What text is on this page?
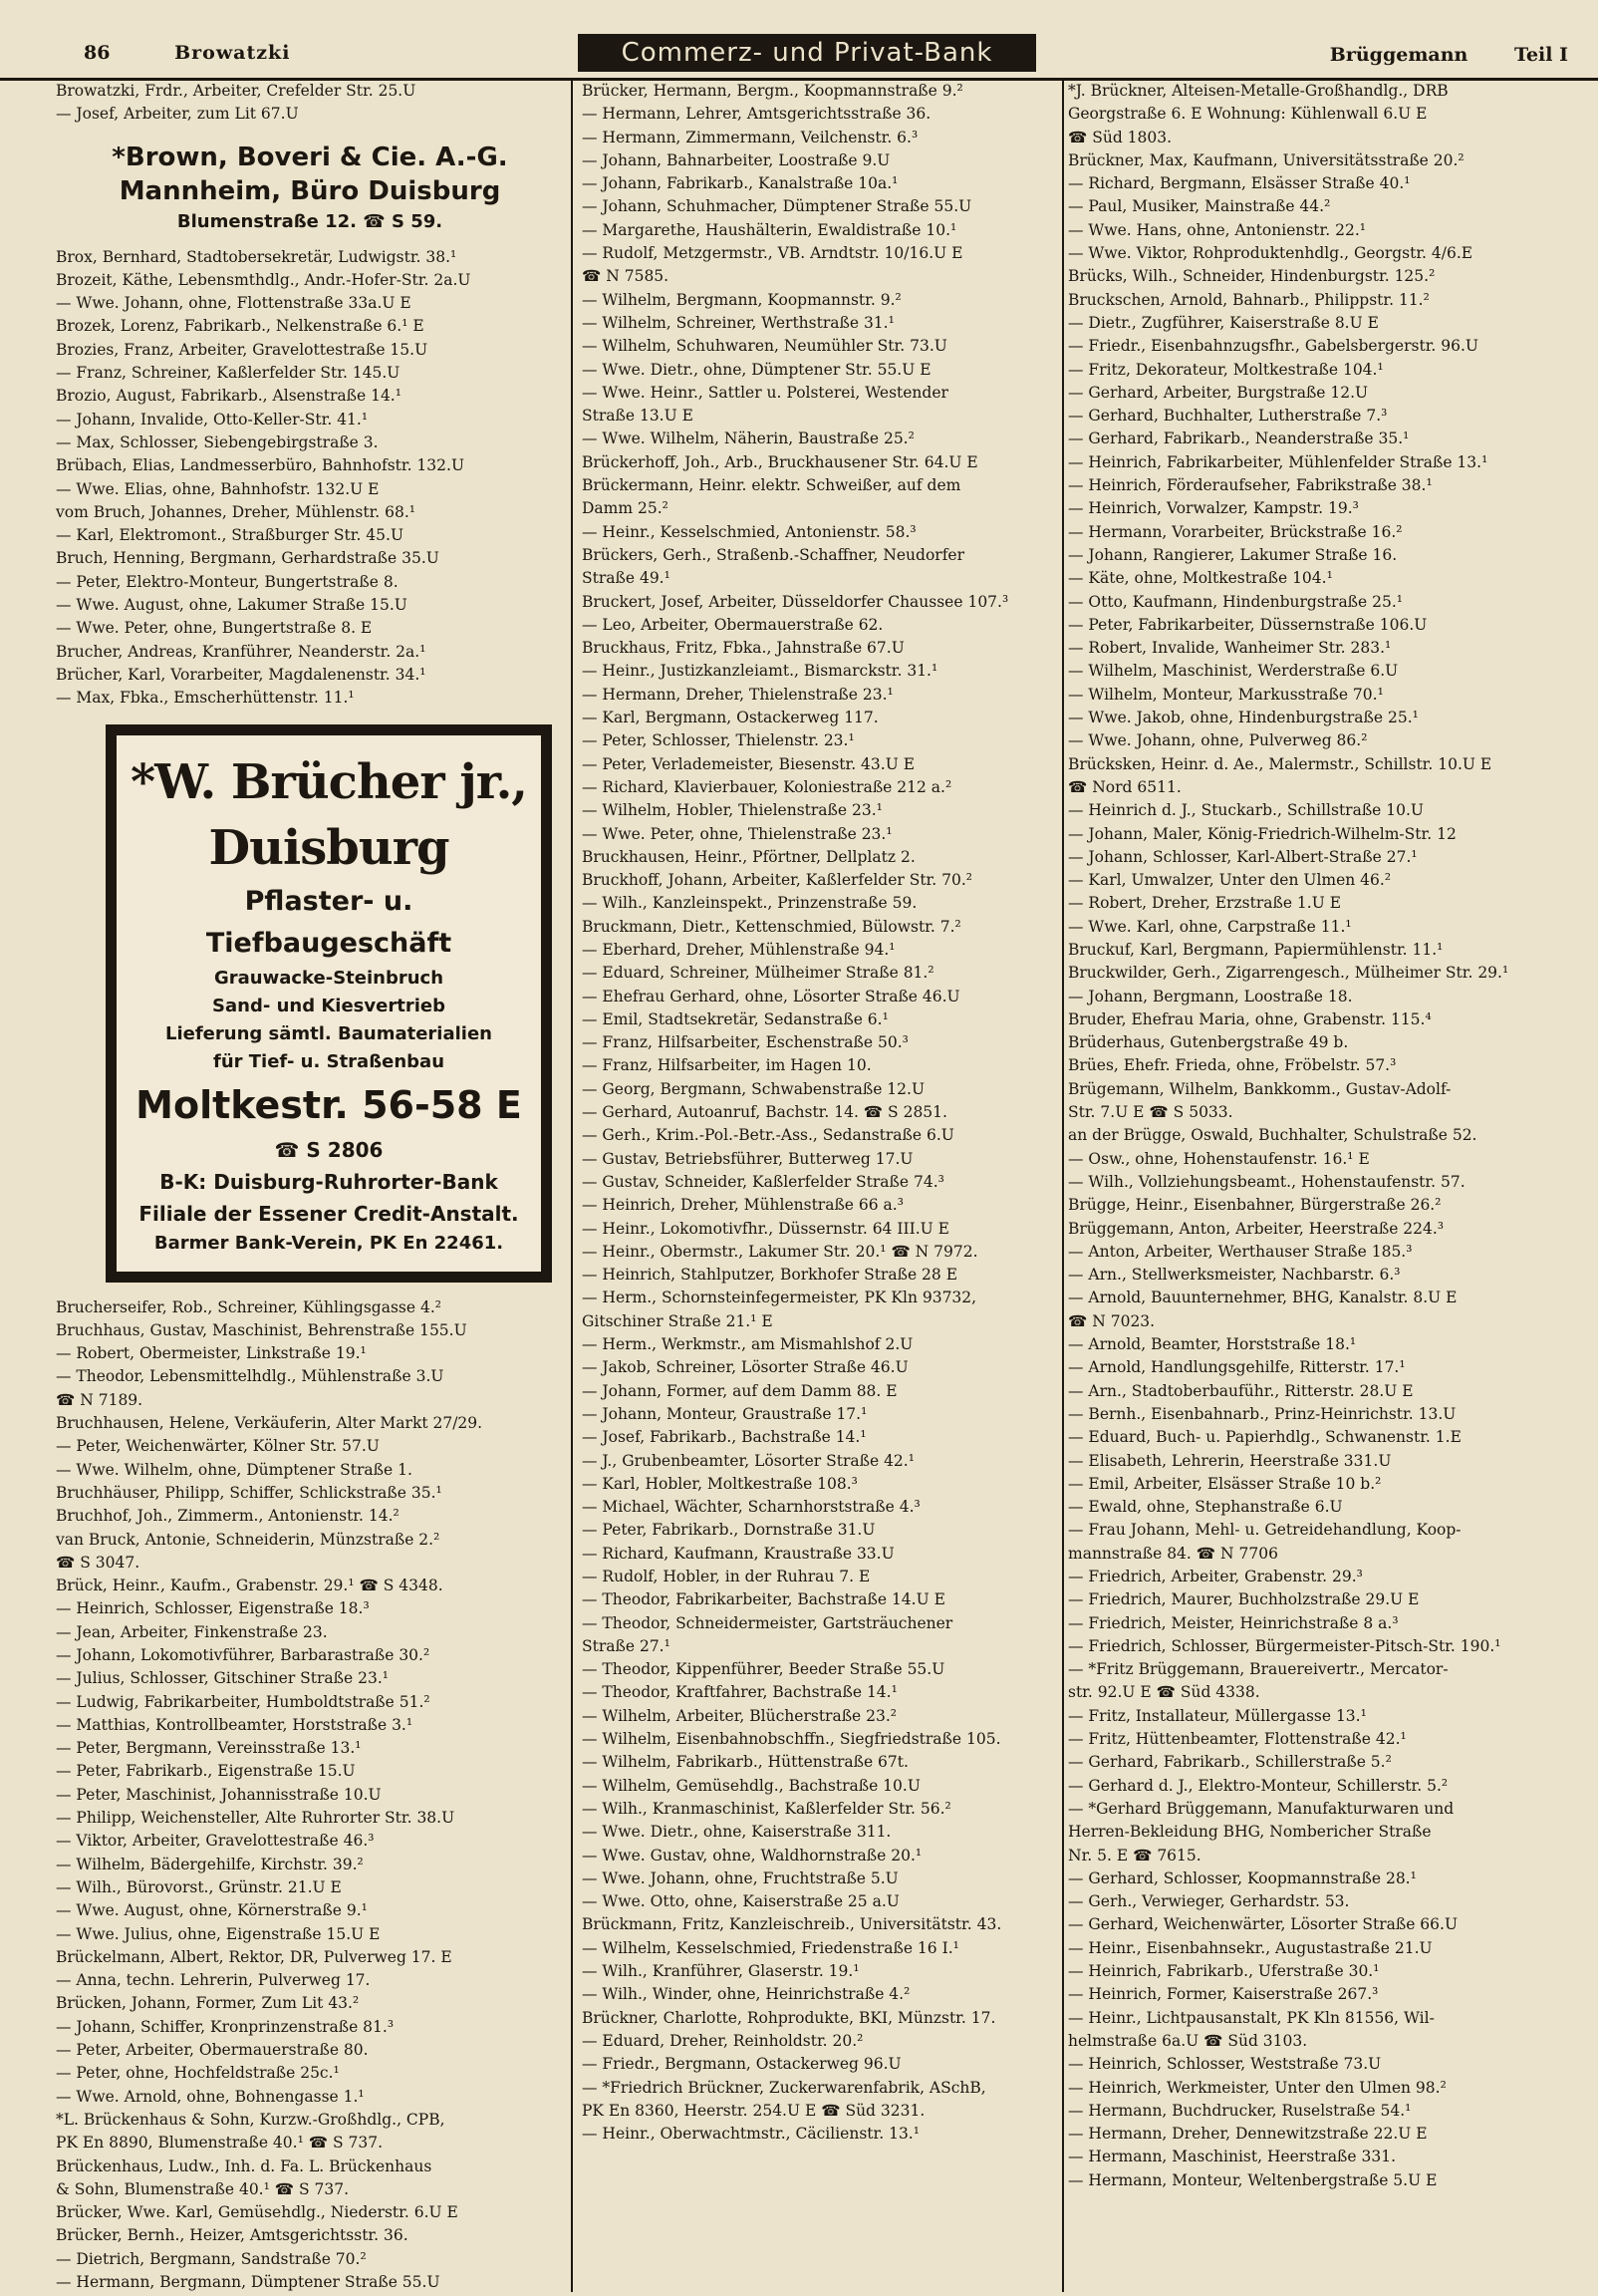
86	Browatzki	Commerz- und Privat-Bank	Brüggemann Teil I
Browatzki, Frdr., Arbeiter, Crefelder Str. 25.U
— Josef, Arbeiter, zum Lit 67.U
*Brown, Boveri & Cie. A.-G.
Mannheim, Büro Duisburg
Blumenstraße 12. ☎ S 59.
Brox, Bernhard, Stadtobersekretär, Ludwigstr. 38.¹
Brozeit, Käthe, Lebensmthdlg., Andr.-Hofer-Str. 2a.U
— Wwe. Johann, ohne, Flottenstraße 33a.U E
Brozek, Lorenz, Fabrikarb., Nelkenstraße 6.¹ E
Brozies, Franz, Arbeiter, Gravelottestraße 15.U
— Franz, Schreiner, Kaßlerfelder Str. 145.U
Brozio, August, Fabrikarb., Alsenstraße 14.¹
— Johann, Invalide, Otto-Keller-Str. 41.¹
— Max, Schlosser, Siebengebirgstraße 3.
Brübach, Elias, Landmesserbüro, Bahnhofstr. 132.U
— Wwe. Elias, ohne, Bahnhofstr. 132.U E
vom Bruch, Johannes, Dreher, Mühlenstr. 68.¹
— Karl, Elektromont., Straßburger Str. 45.U
Bruch, Henning, Bergmann, Gerhardstraße 35.U
— Peter, Elektro-Monteur, Bungertstraße 8.
— Wwe. August, ohne, Lakumer Straße 15.U
— Wwe. Peter, ohne, Bungertstraße 8. E
Brucher, Andreas, Kranführer, Neanderstr. 2a.¹
Brücher, Karl, Vorarbeiter, Magdalenenstr. 34.¹
— Max, Fbka., Emscherhüttenstr. 11.¹
*W. Brücher jr., Duisburg
Pflaster- u. Tiefbaugeschäft
Grauwacke-Steinbruch
Sand- und Kiesvertrieb
Lieferung sämtl. Baumaterialien
für Tief- u. Straßenbau
Moltkestr. 56-58 E
☎ S 2806
B-K: Duisburg-Ruhrorter-Bank
Filiale der Essener Credit-Anstalt.
Barmer Bank-Verein, PK En 22461.
Brucherseifer, Rob., Schreiner, Kühlingsgasse 4.²
Bruchhaus, Gustav, Maschinist, Behrenstraße 155.U
— Robert, Obermeister, Linkstraße 19.¹
— Theodor, Lebensmittelhdlg., Mühlenstraße 3.U
☎ N 7189.
Bruchhausen, Helene, Verkäuferin, Alter Markt 27/29.
— Peter, Weichenwärter, Kölner Str. 57.U
— Wwe. Wilhelm, ohne, Dümptener Straße 1.
Bruchhäuser, Philipp, Schiffer, Schlickstraße 35.¹
Bruchhof, Joh., Zimmerm., Antonienstr. 14.²
van Bruck, Antonie, Schneiderin, Münzstraße 2.²
☎ S 3047.
Brück, Heinr., Kaufm., Grabenstr. 29.¹ ☎ S 4348.
— Heinrich, Schlosser, Eigenstraße 18.³
— Jean, Arbeiter, Finkenstraße 23.
— Johann, Lokomotivführer, Barbarastraße 30.²
— Julius, Schlosser, Gitschiner Straße 23.¹
— Ludwig, Fabrikarbeiter, Humboldtstraße 51.²
— Matthias, Kontrollbeamter, Horststraße 3.¹
— Peter, Bergmann, Vereinsstraße 13.¹
— Peter, Fabrikarb., Eigenstraße 15.U
— Peter, Maschinist, Johannisstraße 10.U
— Philipp, Weichensteller, Alte Ruhrorter Str. 38.U
— Viktor, Arbeiter, Gravelottestraße 46.³
— Wilhelm, Bädergehilfe, Kirchstr. 39.²
— Wilh., Bürovorst., Grünstr. 21.U E
— Wwe. August, ohne, Körnerstraße 9.¹
— Wwe. Julius, ohne, Eigenstraße 15.U E
Brückelmann, Albert, Rektor, DR, Pulverweg 17. E
— Anna, techn. Lehrerin, Pulverweg 17.
Brücken, Johann, Former, Zum Lit 43.²
— Johann, Schiffer, Kronprinzenstraße 81.³
— Peter, Arbeiter, Obermauerstraße 80.
— Peter, ohne, Hochfeldstraße 25c.¹
— Wwe. Arnold, ohne, Bohnengasse 1.¹
*L. Brückenhaus & Sohn, Kurzw.-Großhdlg., CPB,
PK En 8890, Blumenstraße 40.¹ ☎ S 737.
Brückenhaus, Ludw., Inh. d. Fa. L. Brückenhaus
& Sohn, Blumenstraße 40.¹ ☎ S 737.
Brücker, Wwe. Karl, Gemüsehdlg., Niederstr. 6.U E
Brücker, Bernh., Heizer, Amtsgerichtsstr. 36.
— Dietrich, Bergmann, Sandstraße 70.²
— Hermann, Bergmann, Dümptener Straße 55.U
Brücker, Hermann, Bergm., Koopmannstraße 9.²
— Hermann, Lehrer, Amtsgerichtsstraße 36.
— Hermann, Zimmermann, Veilchenstr. 6.³
— Johann, Bahnarbeiter, Loostraße 9.U
— Johann, Fabrikarb., Kanalstraße 10a.¹
— Johann, Schuhmacher, Dümptener Straße 55.U
— Margarethe, Haushälterin, Ewaldistraße 10.¹
— Rudolf, Metzgermstr., VB. Arndtstr. 10/16.U E
☎ N 7585.
— Wilhelm, Bergmann, Koopmannstr. 9.²
— Wilhelm, Schreiner, Werthstraße 31.¹
— Wilhelm, Schuhwaren, Neumühler Str. 73.U
— Wwe. Dietr., ohne, Dümptener Str. 55.U E
— Wwe. Heinr., Sattler u. Polsterei, Westender
Straße 13.U E
— Wwe. Wilhelm, Näherin, Baustraße 25.²
Brückerhoff, Joh., Arb., Bruckhausener Str. 64.U E
Brückermann, Heinr. elektr. Schweißer, auf dem
Damm 25.²
— Heinr., Kesselschmied, Antonienstr. 58.³
Brückers, Gerh., Straßenb.-Schaffner, Neudorfer
Straße 49.¹
Bruckert, Josef, Arbeiter, Düsseldorfer Chaussee 107.³
— Leo, Arbeiter, Obermauerstraße 62.
Bruckhaus, Fritz, Fbka., Jahnstraße 67.U
— Heinr., Justizkanzleiamt., Bismarckstr. 31.¹
— Hermann, Dreher, Thielenstraße 23.¹
— Karl, Bergmann, Ostackerweg 117.
— Peter, Schlosser, Thielenstr. 23.¹
— Peter, Verlademeister, Biesenstr. 43.U E
— Richard, Klavierbauer, Koloniestraße 212 a.²
— Wilhelm, Hobler, Thielenstraße 23.¹
— Wwe. Peter, ohne, Thielenstraße 23.¹
Bruckhausen, Heinr., Pförtner, Dellplatz 2.
Bruckhoff, Johann, Arbeiter, Kaßlerfelder Str. 70.²
— Wilh., Kanzleinspekt., Prinzenstraße 59.
Bruckmann, Dietr., Kettenschmied, Bülowstr. 7.²
— Eberhard, Dreher, Mühlenstraße 94.¹
— Eduard, Schreiner, Mülheimer Straße 81.²
— Ehefrau Gerhard, ohne, Lösorter Straße 46.U
— Emil, Stadtsekretär, Sedanstraße 6.¹
— Franz, Hilfsarbeiter, Eschenstraße 50.³
— Franz, Hilfsarbeiter, im Hagen 10.
— Georg, Bergmann, Schwabenstraße 12.U
— Gerhard, Autoanruf, Bachstr. 14. ☎ S 2851.
— Gerh., Krim.-Pol.-Betr.-Ass., Sedanstraße 6.U
— Gustav, Betriebsführer, Butterweg 17.U
— Gustav, Schneider, Kaßlerfelder Straße 74.³
— Heinrich, Dreher, Mühlenstraße 66 a.³
— Heinr., Lokomotivfhr., Düssernstr. 64 III.U E
— Heinr., Obermstr., Lakumer Str. 20.¹ ☎ N 7972.
— Heinrich, Stahlputzer, Borkhofer Straße 28 E
— Herm., Schornsteinfegermeister, PK Kln 93732,
Gitschiner Straße 21.¹ E
— Herm., Werkmstr., am Mismahlshof 2.U
— Jakob, Schreiner, Lösorter Straße 46.U
— Johann, Former, auf dem Damm 88. E
— Johann, Monteur, Graustraße 17.¹
— Josef, Fabrikarb., Bachstraße 14.¹
— J., Grubenbeamter, Lösorter Straße 42.¹
— Karl, Hobler, Moltkestraße 108.³
— Michael, Wächter, Scharnhorststraße 4.³
— Peter, Fabrikarb., Dornstraße 31.U
— Richard, Kaufmann, Kraustraße 33.U
— Rudolf, Hobler, in der Ruhrau 7. E
— Theodor, Fabrikarbeiter, Bachstraße 14.U E
— Theodor, Schneidermeister, Gartsträuchener
Straße 27.¹
— Theodor, Kippenführer, Beeder Straße 55.U
— Theodor, Kraftfahrer, Bachstraße 14.¹
— Wilhelm, Arbeiter, Blücherstraße 23.²
— Wilhelm, Eisenbahnobschffn., Siegfriedstraße 105.
— Wilhelm, Fabrikarb., Hüttenstraße 67t.
— Wilhelm, Gemüsehdlg., Bachstraße 10.U
— Wilh., Kranmaschinist, Kaßlerfelder Str. 56.²
— Wwe. Dietr., ohne, Kaiserstraße 311.
— Wwe. Gustav, ohne, Waldhornstraße 20.¹
— Wwe. Johann, ohne, Fruchtstraße 5.U
— Wwe. Otto, ohne, Kaiserstraße 25 a.U
Brückmann, Fritz, Kanzleischreib., Universitätstr. 43.
— Wilhelm, Kesselschmied, Friedenstraße 16 I.¹
— Wilh., Kranführer, Glaserstr. 19.¹
— Wilh., Winder, ohne, Heinrichstraße 4.²
Brückner, Charlotte, Rohprodukte, BKI, Münzstr. 17.
— Eduard, Dreher, Reinholdstr. 20.²
— Friedr., Bergmann, Ostackerweg 96.U
— *Friedrich Brückner, Zuckerwarenfabrik, ASchB,
PK En 8360, Heerstr. 254.U E ☎ Süd 3231.
— Heinr., Oberwachtmstr., Cäcilienstr. 13.¹
*J. Brückner, Alteisen-Metalle-Großhandlg., DRB
Georgstraße 6. E Wohnung: Kühlenwall 6.U E
☎ Süd 1803.
Brückner, Max, Kaufmann, Universitätsstraße 20.²
— Richard, Bergmann, Elsässer Straße 40.¹
— Paul, Musiker, Mainstraße 44.²
— Wwe. Hans, ohne, Antonienstr. 22.¹
— Wwe. Viktor, Rohproduktenhdlg., Georgstr. 4/6.E
Brücks, Wilh., Schneider, Hindenburgstr. 125.²
Bruckschen, Arnold, Bahnarb., Philippstr. 11.²
— Dietr., Zugführer, Kaiserstraße 8.U E
— Friedr., Eisenbahnzugsfhr., Gabelsbergerstr. 96.U
— Fritz, Dekorateur, Moltkestraße 104.¹
— Gerhard, Arbeiter, Burgstraße 12.U
— Gerhard, Buchhalter, Lutherstraße 7.³
— Gerhard, Fabrikarb., Neanderstraße 35.¹
— Heinrich, Fabrikarbeiter, Mühlenfelder Straße 13.¹
— Heinrich, Förderaufseher, Fabrikstraße 38.¹
— Heinrich, Vorwalzer, Kampstr. 19.³
— Hermann, Vorarbeiter, Brückstraße 16.²
— Johann, Rangierer, Lakumer Straße 16.
— Käte, ohne, Moltkestraße 104.¹
— Otto, Kaufmann, Hindenburgstraße 25.¹
— Peter, Fabrikarbeiter, Düssernstraße 106.U
— Robert, Invalide, Wanheimer Str. 283.¹
— Wilhelm, Maschinist, Werderstraße 6.U
— Wilhelm, Monteur, Markusstraße 70.¹
— Wwe. Jakob, ohne, Hindenburgstraße 25.¹
— Wwe. Johann, ohne, Pulverweg 86.²
Brücksken, Heinr. d. Ae., Malermstr., Schillstr. 10.U E
☎ Nord 6511.
— Heinrich d. J., Stuckarb., Schillstraße 10.U
— Johann, Maler, König-Friedrich-Wilhelm-Str. 12
— Johann, Schlosser, Karl-Albert-Straße 27.¹
— Karl, Umwalzer, Unter den Ulmen 46.²
— Robert, Dreher, Erzstraße 1.U E
— Wwe. Karl, ohne, Carpstraße 11.¹
Bruckuf, Karl, Bergmann, Papiermühlenstr. 11.¹
Bruckwilder, Gerh., Zigarrengesch., Mülheimer Str. 29.¹
— Johann, Bergmann, Loostraße 18.
Bruder, Ehefrau Maria, ohne, Grabenstr. 115.⁴
Brüderhaus, Gutenbergstraße 49 b.
Brües, Ehefr. Frieda, ohne, Fröbelstr. 57.³
Brügemann, Wilhelm, Bankkomm., Gustav-Adolf-
Str. 7.U E ☎ S 5033.
an der Brügge, Oswald, Buchhalter, Schulstraße 52.
— Osw., ohne, Hohenstaufenstr. 16.¹ E
— Wilh., Vollziehungsbeamt., Hohenstaufenstr. 57.
Brügge, Heinr., Eisenbahner, Bürgerstraße 26.²
Brüggemann, Anton, Arbeiter, Heerstraße 224.³
— Anton, Arbeiter, Werthauser Straße 185.³
— Arn., Stellwerksmeister, Nachbarstr. 6.³
— Arnold, Bauunternehmer, BHG, Kanalstr. 8.U E
☎ N 7023.
— Arnold, Beamter, Horststraße 18.¹
— Arnold, Handlungsgehilfe, Ritterstr. 17.¹
— Arn., Stadtoberbauführ., Ritterstr. 28.U E
— Bernh., Eisenbahnarb., Prinz-Heinrichstr. 13.U
— Eduard, Buch- u. Papierhdlg., Schwanenstr. 1.E
— Elisabeth, Lehrerin, Heerstraße 331.U
— Emil, Arbeiter, Elsässer Straße 10 b.²
— Ewald, ohne, Stephanstraße 6.U
— Frau Johann, Mehl- u. Getreidehandlung, Koop-
mannstraße 84. ☎ N 7706
— Friedrich, Arbeiter, Grabenstr. 29.³
— Friedrich, Maurer, Buchholzstraße 29.U E
— Friedrich, Meister, Heinrichstraße 8 a.³
— Friedrich, Schlosser, Bürgermeister-Pitsch-Str. 190.¹
— *Fritz Brüggemann, Brauereivertr., Mercator-
str. 92.U E ☎ Süd 4338.
— Fritz, Installateur, Müllergasse 13.¹
— Fritz, Hüttenbeamter, Flottenstraße 42.¹
— Gerhard, Fabrikarb., Schillerstraße 5.²
— Gerhard d. J., Elektro-Monteur, Schillerstr. 5.²
— *Gerhard Brüggemann, Manufakturwaren und
Herren-Bekleidung BHG, Nombericher Straße
Nr. 5. E ☎ 7615.
— Gerhard, Schlosser, Koopmannstraße 28.¹
— Gerh., Verwieger, Gerhardstr. 53.
— Gerhard, Weichenwärter, Lösorter Straße 66.U
— Heinr., Eisenbahnsekr., Augustastraße 21.U
— Heinrich, Fabrikarb., Uferstraße 30.¹
— Heinrich, Former, Kaiserstraße 267.³
— Heinr., Lichtpausanstalt, PK Kln 81556, Wil-
helmstraße 6a.U ☎ Süd 3103.
— Heinrich, Schlosser, Weststraße 73.U
— Heinrich, Werkmeister, Unter den Ulmen 98.²
— Hermann, Buchdrucker, Ruselstraße 54.¹
— Hermann, Dreher, Dennewitzstraße 22.U E
— Hermann, Maschinist, Heerstraße 331.
— Hermann, Monteur, Weltenbergstraße 5.U E
